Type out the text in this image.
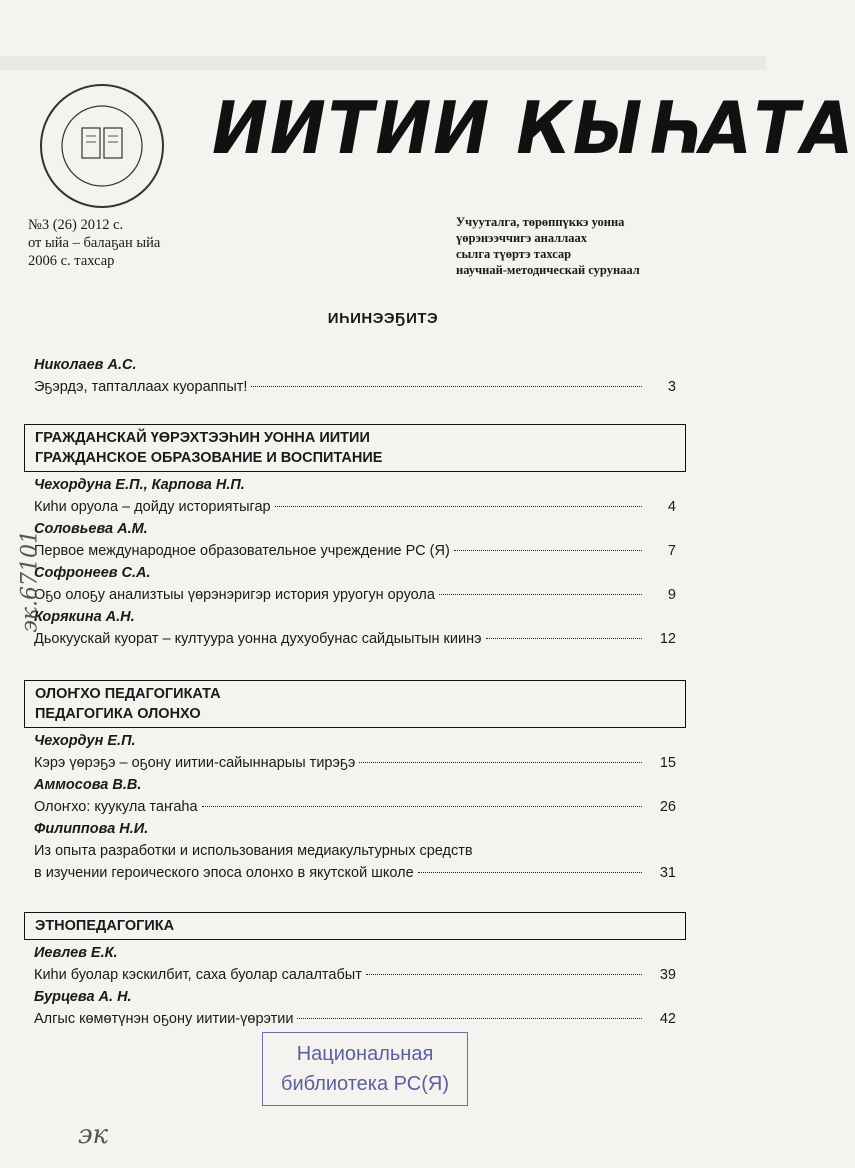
ИИТИИ КЫҺАТА
№3 (26) 2012 с.
от ыйа – балаҕан ыйа
2006 с. тахсар
Учууталга, төрөппүккэ уонна
үөрэнээччигэ аналлаах
сылга түөртэ тахсар
научнай-методическай сурунаал
ИҺИНЭЭҔИТЭ
Николаев А.С.
Эҕэрдэ, тапталлаах куораппыт!	3
ГРАЖДАНСКАЙ ҮӨРЭХТЭЭҺИН УОННА ИИТИИ
ГРАЖДАНСКОЕ ОБРАЗОВАНИЕ И ВОСПИТАНИЕ
Чехордуна Е.П., Карпова Н.П.
Киһи оруола – дойду историятыгар	4
Соловьева А.М.
Первое международное образовательное учреждение РС (Я)	7
Софронеев С.А.
Оҕо олоҕу анализтыы үөрэнэригэр история уруогун оруола	9
Корякина А.Н.
Дьокуускай куорат – култуура уонна духуобунас сайдыытын киинэ	12
ОЛОҤХО ПЕДАГОГИКАТА
ПЕДАГОГИКА ОЛОНХО
Чехордун Е.П.
Кэрэ үөрэҕэ – оҕону иитии-сайыннарыы тирэҕэ	15
Аммосова В.В.
Олоҥхо: куукула таҥаһа	26
Филиппова Н.И.
Из опыта разработки и использования медиакультурных средств
в изучении героического эпоса олонхо в якутской школе	31
ЭТНОПЕДАГОГИКА
Иевлев Е.К.
Киһи буолар кэскилбит, саха буолар салалтабыт	39
Бурцева А. Н.
Алгыс көмөтүнэн оҕону иитии-үөрэтии	42
Национальная
библиотека РС(Я)
эк.67101
эк
